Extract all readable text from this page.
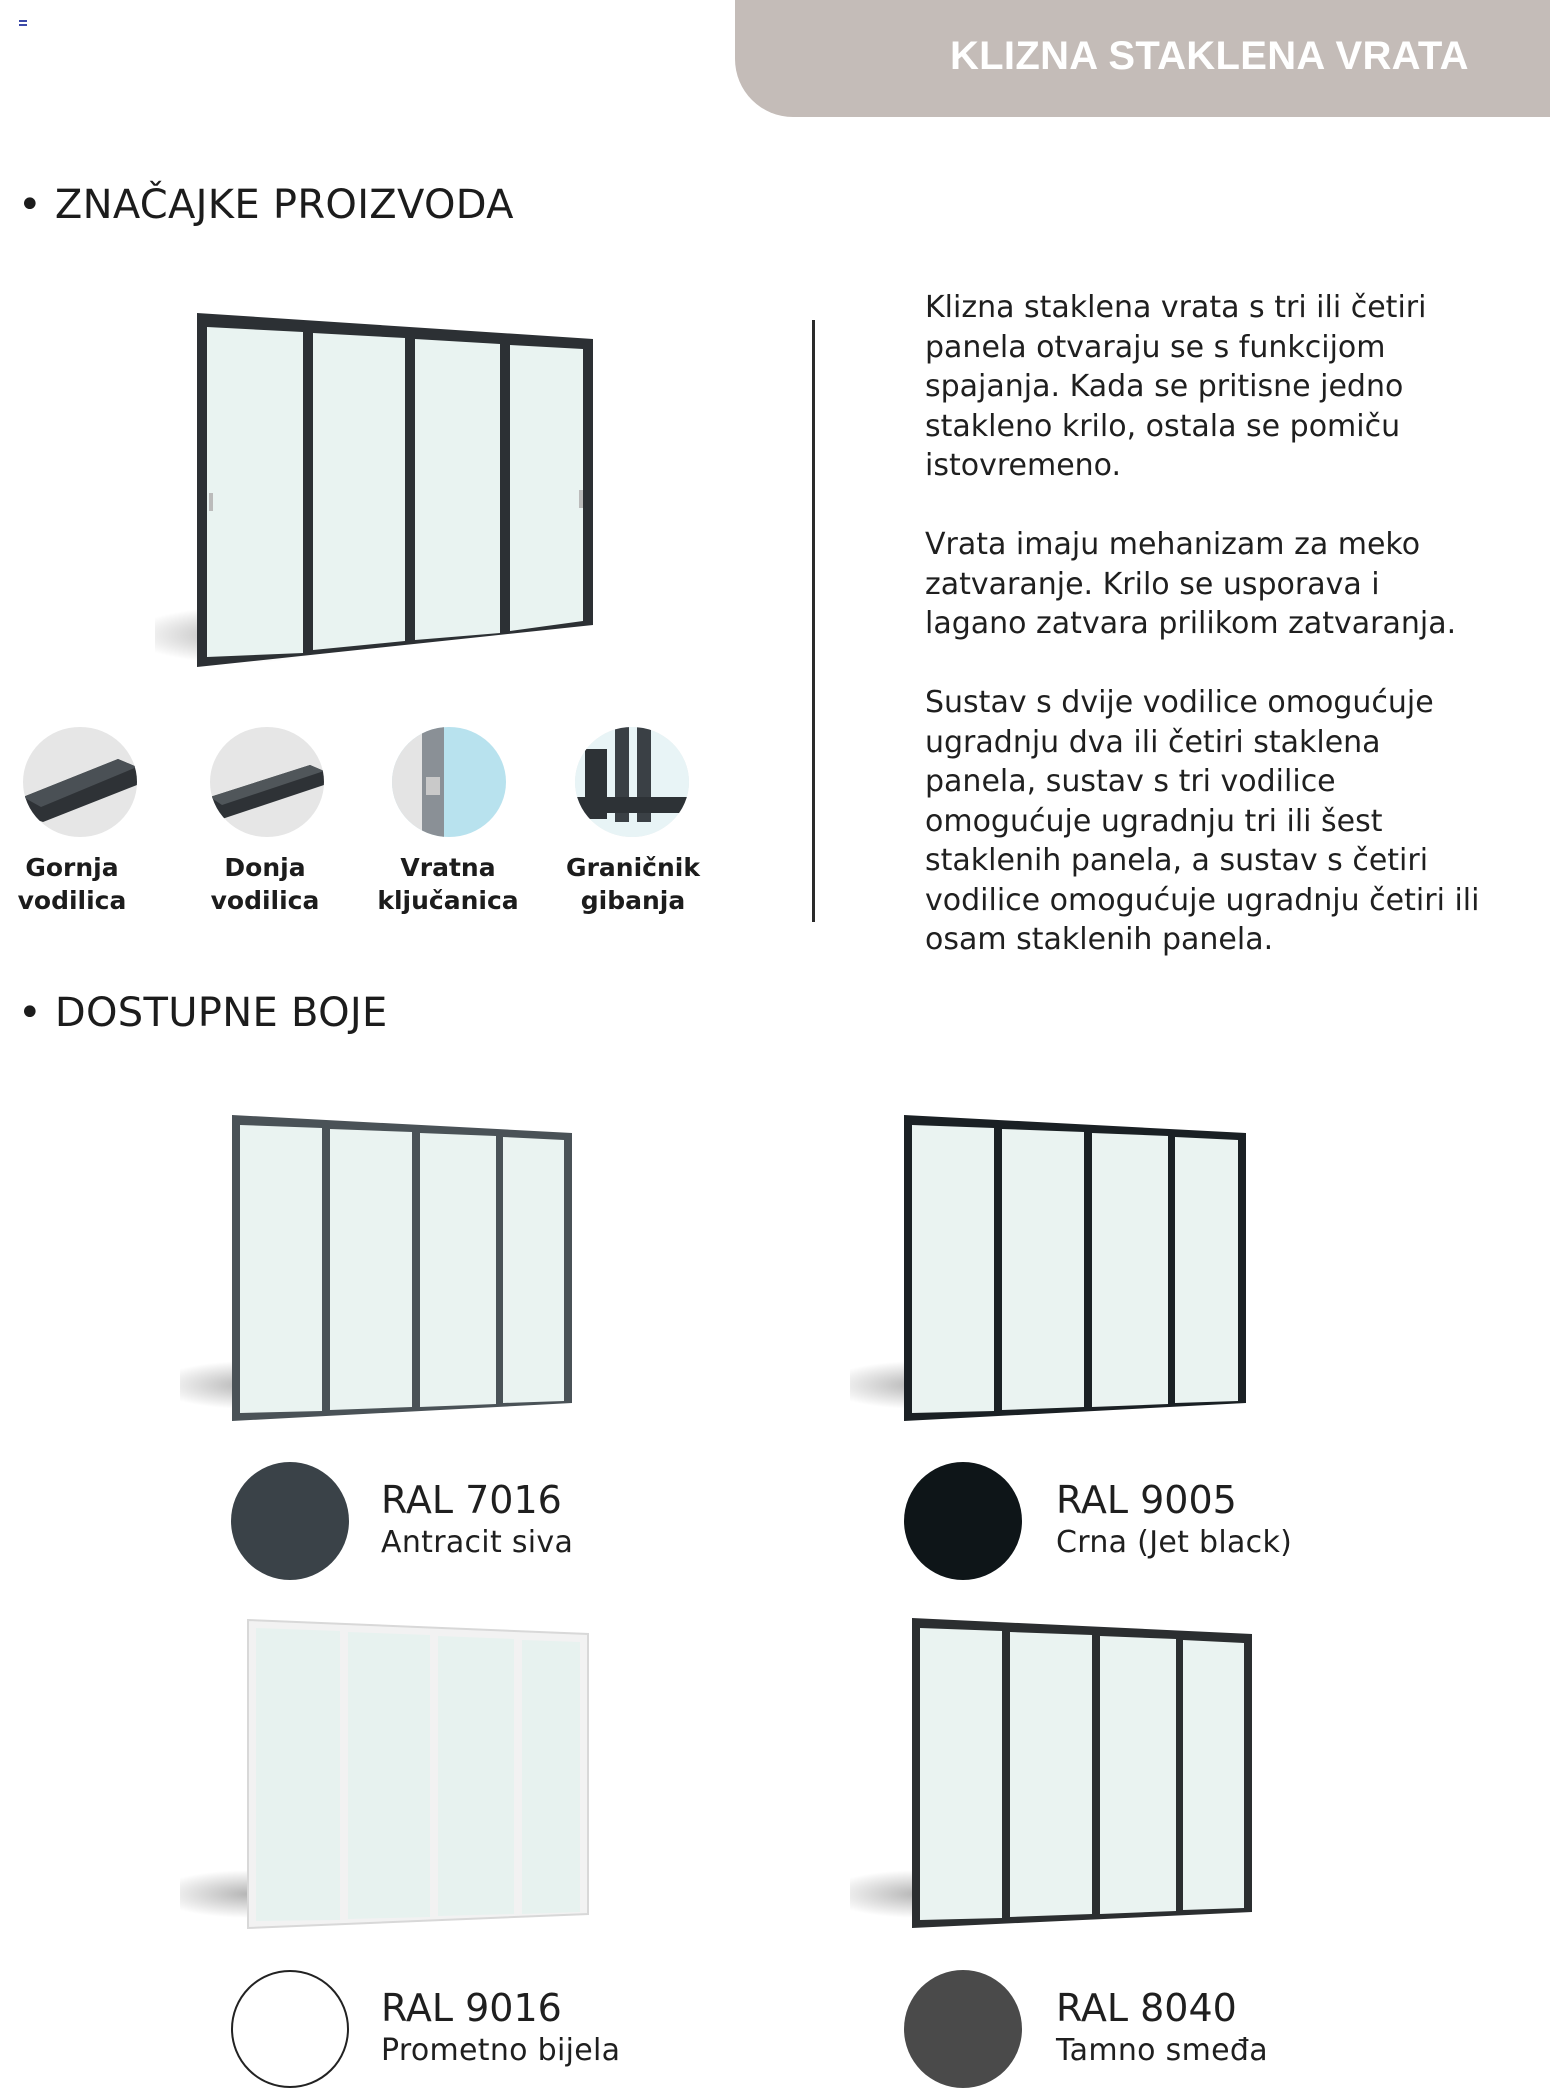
KLIZNA STAKLENA VRATA
• ZNAČAJKE PROIZVODA
Gornja
vodilica
Donja
vodilica
Vratna
ključanica
Graničnik
gibanja

Klizna staklena vrata s tri ili četiri panela otvaraju se s funkcijom spajanja. Kada se pritisne jedno stakleno krilo, ostala se pomiču istovremeno.

Vrata imaju mehanizam za meko zatvaranje. Krilo se usporava i lagano zatvara prilikom zatvaranja.

Sustav s dvije vodilice omogućuje ugradnju dva ili četiri staklena panela, sustav s tri vodilice omogućuje ugradnju tri ili šest staklenih panela, a sustav s četiri vodilice omogućuje ugradnju četiri ili osam staklenih panela.

• DOSTUPNE BOJE
RAL 7016
Antracit siva
RAL 9005
Crna (Jet black)
RAL 9016
Prometno bijela
RAL 8040
Tamno smeđa
